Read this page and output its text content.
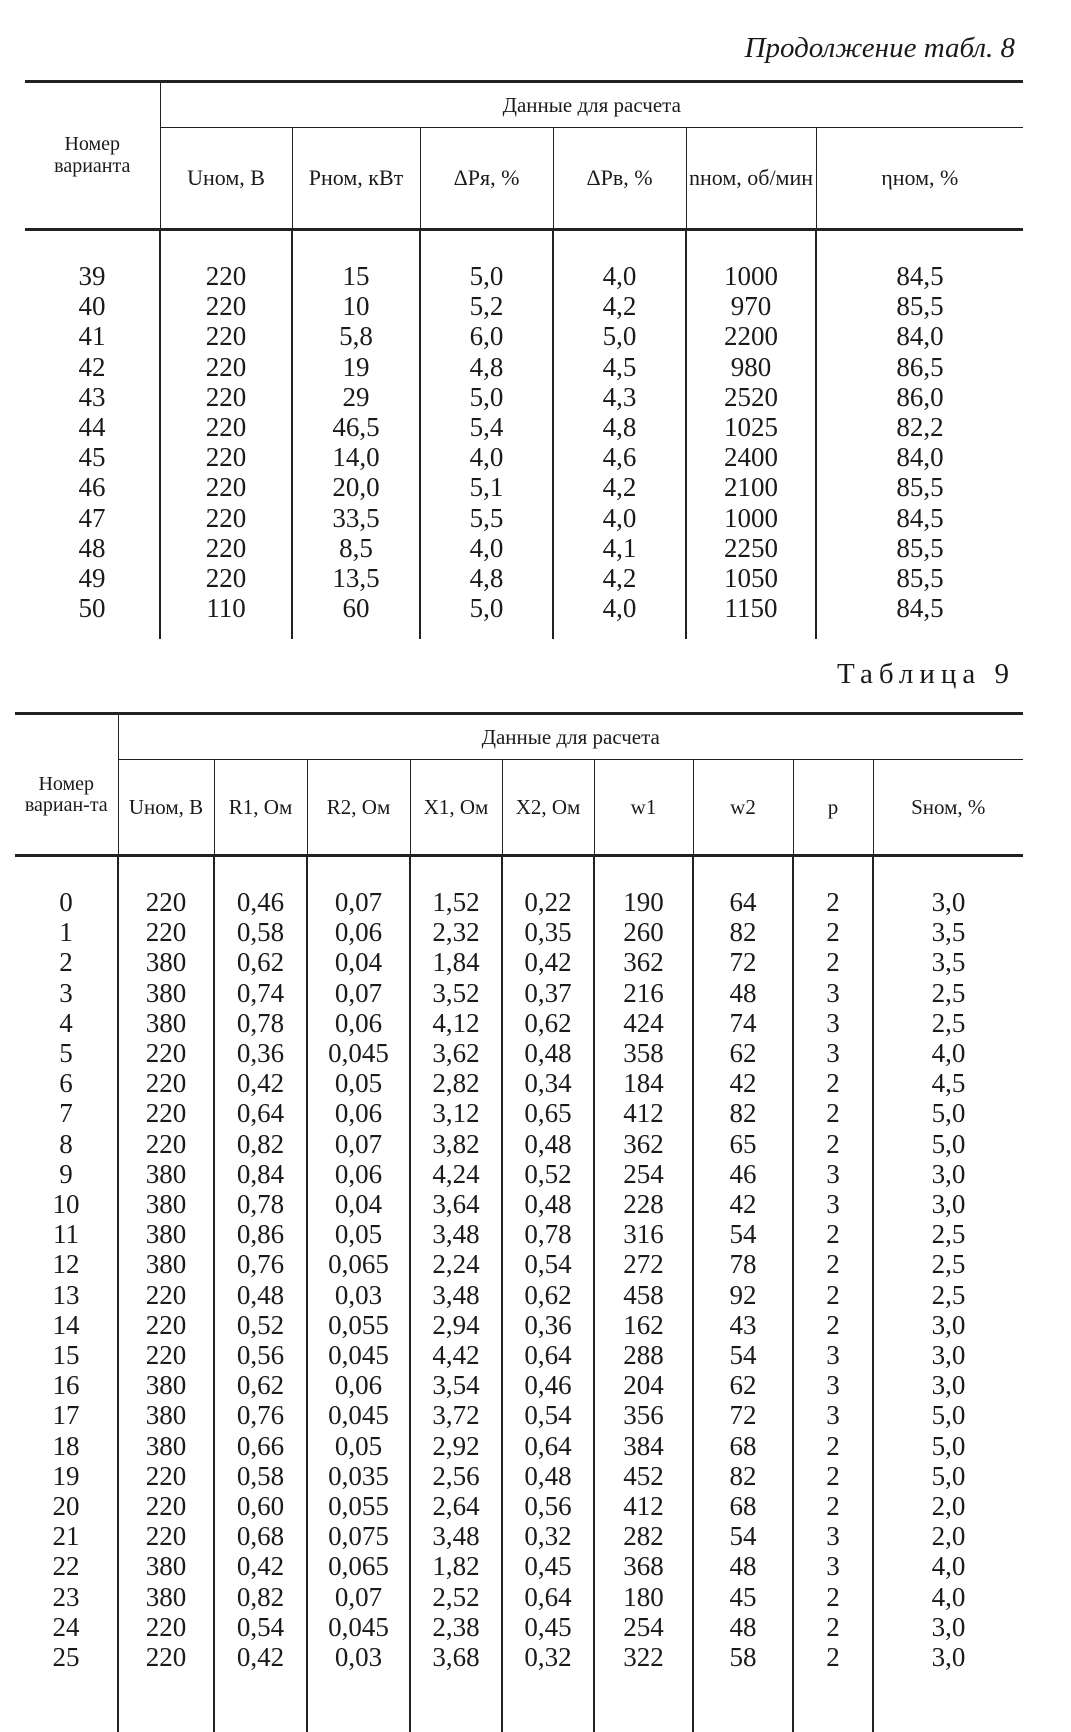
Продолжение табл. 8
Номер варианта	Данные для расчета					
	Uном, В	Pном, кВт	ΔPя, %	ΔPв, %	nном, об/мин	ηном, %
39	220	15	5,0	4,0	1000	84,5
40	220	10	5,2	4,2	970	85,5
41	220	5,8	6,0	5,0	2200	84,0
42	220	19	4,8	4,5	980	86,5
43	220	29	5,0	4,3	2520	86,0
44	220	46,5	5,4	4,8	1025	82,2
45	220	14,0	4,0	4,6	2400	84,0
46	220	20,0	5,1	4,2	2100	85,5
47	220	33,5	5,5	4,0	1000	84,5
48	220	8,5	4,0	4,1	2250	85,5
49	220	13,5	4,8	4,2	1050	85,5
50	110	60	5,0	4,0	1150	84,5
Таблица 9
Номер вариан-та	Данные для расчета								
	Uном, В	R1, Ом	R2, Ом	X1, Ом	X2, Ом	w1	w2	p	Sном, %
0	220	0,46	0,07	1,52	0,22	190	64	2	3,0
1	220	0,58	0,06	2,32	0,35	260	82	2	3,5
2	380	0,62	0,04	1,84	0,42	362	72	2	3,5
3	380	0,74	0,07	3,52	0,37	216	48	3	2,5
4	380	0,78	0,06	4,12	0,62	424	74	3	2,5
5	220	0,36	0,045	3,62	0,48	358	62	3	4,0
6	220	0,42	0,05	2,82	0,34	184	42	2	4,5
7	220	0,64	0,06	3,12	0,65	412	82	2	5,0
8	220	0,82	0,07	3,82	0,48	362	65	2	5,0
9	380	0,84	0,06	4,24	0,52	254	46	3	3,0
10	380	0,78	0,04	3,64	0,48	228	42	3	3,0
11	380	0,86	0,05	3,48	0,78	316	54	2	2,5
12	380	0,76	0,065	2,24	0,54	272	78	2	2,5
13	220	0,48	0,03	3,48	0,62	458	92	2	2,5
14	220	0,52	0,055	2,94	0,36	162	43	2	3,0
15	220	0,56	0,045	4,42	0,64	288	54	3	3,0
16	380	0,62	0,06	3,54	0,46	204	62	3	3,0
17	380	0,76	0,045	3,72	0,54	356	72	3	5,0
18	380	0,66	0,05	2,92	0,64	384	68	2	5,0
19	220	0,58	0,035	2,56	0,48	452	82	2	5,0
20	220	0,60	0,055	2,64	0,56	412	68	2	2,0
21	220	0,68	0,075	3,48	0,32	282	54	3	2,0
22	380	0,42	0,065	1,82	0,45	368	48	3	4,0
23	380	0,82	0,07	2,52	0,64	180	45	2	4,0
24	220	0,54	0,045	2,38	0,45	254	48	2	3,0
25	220	0,42	0,03	3,68	0,32	322	58	2	3,0
